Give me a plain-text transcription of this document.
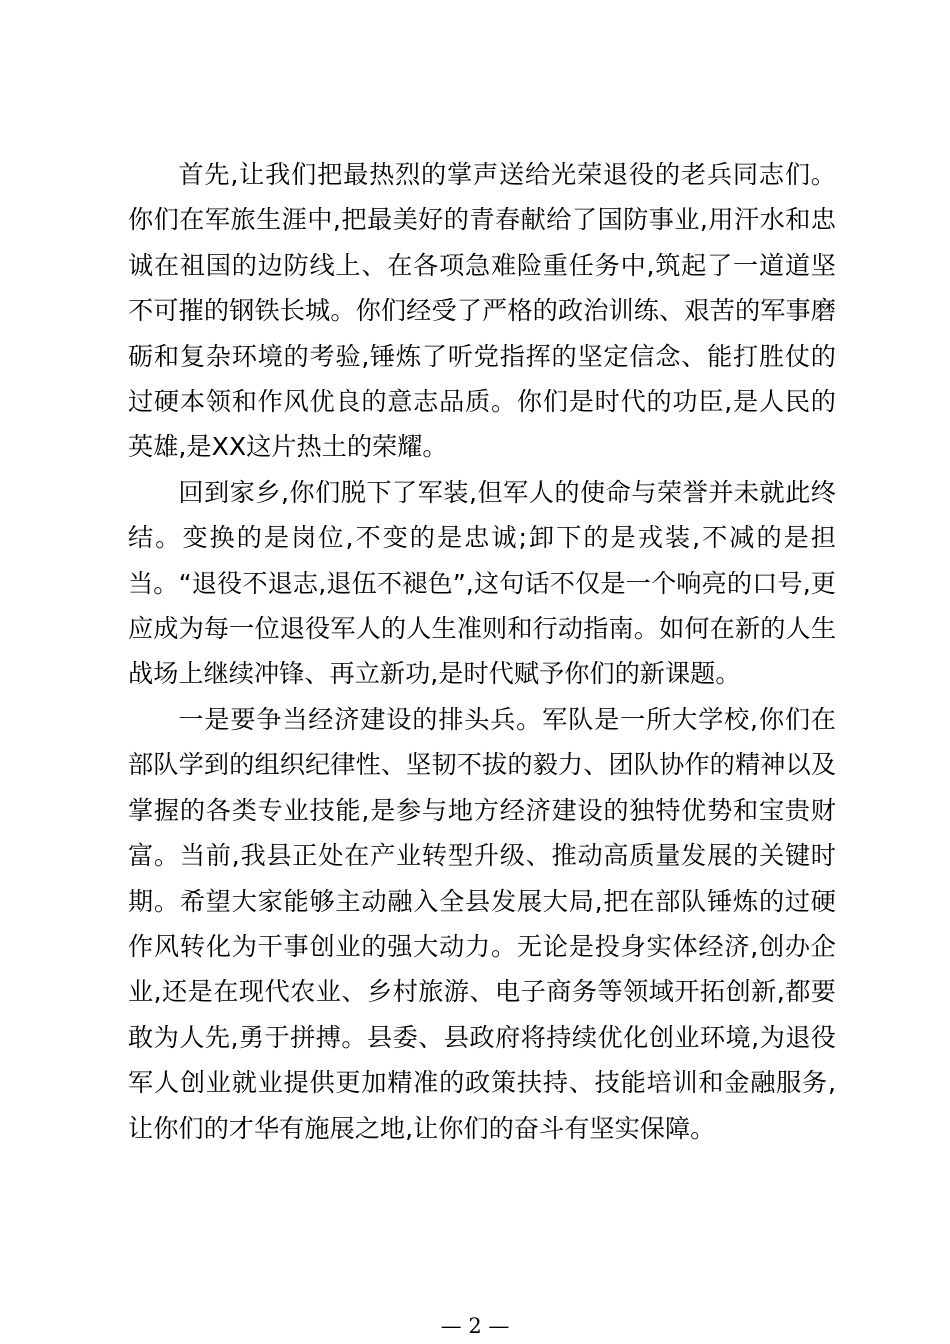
首先,让我们把最热烈的掌声送给光荣退役的老兵同志们。你们在军旅生涯中,把最美好的青春献给了国防事业,用汗水和忠诚在祖国的边防线上、在各项急难险重任务中,筑起了一道道坚不可摧的钢铁长城。你们经受了严格的政治训练、艰苦的军事磨砺和复杂环境的考验,锤炼了听党指挥的坚定信念、能打胜仗的过硬本领和作风优良的意志品质。你们是时代的功臣,是人民的英雄,是XX这片热土的荣耀。

回到家乡,你们脱下了军装,但军人的使命与荣誉并未就此终结。变换的是岗位,不变的是忠诚;卸下的是戎装,不减的是担当。“退役不退志,退伍不褪色”,这句话不仅是一个响亮的口号,更应成为每一位退役军人的人生准则和行动指南。如何在新的人生战场上继续冲锋、再立新功,是时代赋予你们的新课题。

一是要争当经济建设的排头兵。军队是一所大学校,你们在部队学到的组织纪律性、坚韧不拔的毅力、团队协作的精神以及掌握的各类专业技能,是参与地方经济建设的独特优势和宝贵财富。当前,我县正处在产业转型升级、推动高质量发展的关键时期。希望大家能够主动融入全县发展大局,把在部队锤炼的过硬作风转化为干事创业的强大动力。无论是投身实体经济,创办企业,还是在现代农业、乡村旅游、电子商务等领域开拓创新,都要敢为人先,勇于拼搏。县委、县政府将持续优化创业环境,为退役军人创业就业提供更加精准的政策扶持、技能培训和金融服务,让你们的才华有施展之地,让你们的奋斗有坚实保障。

— 2 —
